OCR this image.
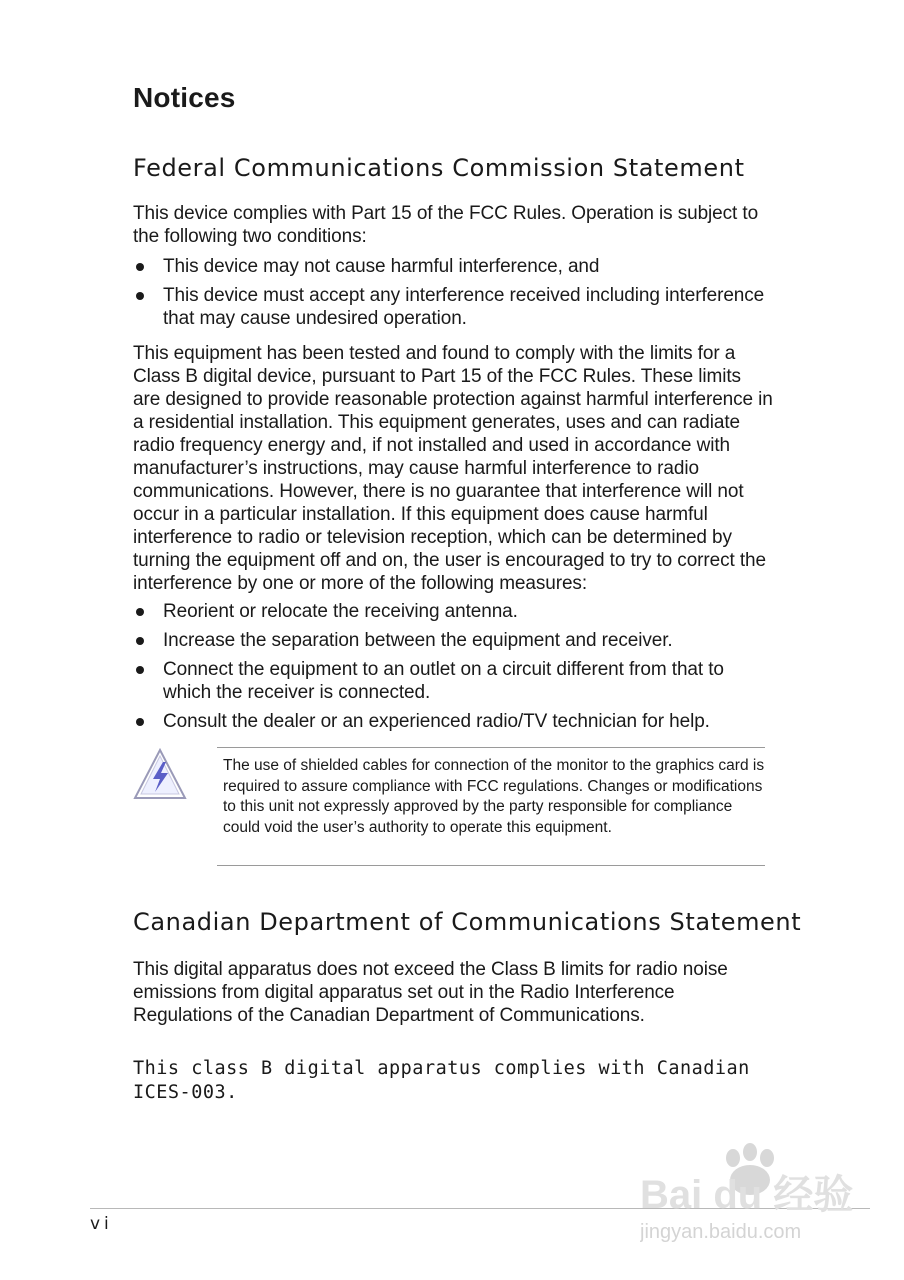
Notices
Federal Communications Commission Statement

This device complies with Part 15 of the FCC Rules. Operation is subject to the following two conditions:

This device may not cause harmful interference, and
This device must accept any interference received including interference that may cause undesired operation.

This equipment has been tested and found to comply with the limits for a Class B digital device, pursuant to Part 15 of the FCC Rules. These limits are designed to provide reasonable protection against harmful interference in a residential installation. This equipment generates, uses and can radiate radio frequency energy and, if not installed and used in accordance with manufacturer’s instructions, may cause harmful interference to radio communications. However, there is no guarantee that interference will not occur in a particular installation. If this equipment does cause harmful interference to radio or television reception, which can be determined by turning the equipment off and on, the user is encouraged to try to correct the interference by one or more of the following measures:

Reorient or relocate the receiving antenna.
Increase the separation between the equipment and receiver.
Connect the equipment to an outlet on a circuit different from that to which the receiver is connected.
Consult the dealer or an experienced radio/TV technician for help.
The use of shielded cables for connection of the monitor to the graphics card is required to assure compliance with FCC regulations. Changes or modifications to this unit not expressly approved by the party responsible for compliance could void the user’s authority to operate this equipment.
Canadian Department of Communications Statement

This digital apparatus does not exceed the Class B limits for radio noise emissions from digital apparatus set out in the Radio Interference Regulations of the Canadian Department of Communications.

This class B digital apparatus complies with Canadian ICES-003.

vi
Bai du 经验
jingyan.baidu.com
